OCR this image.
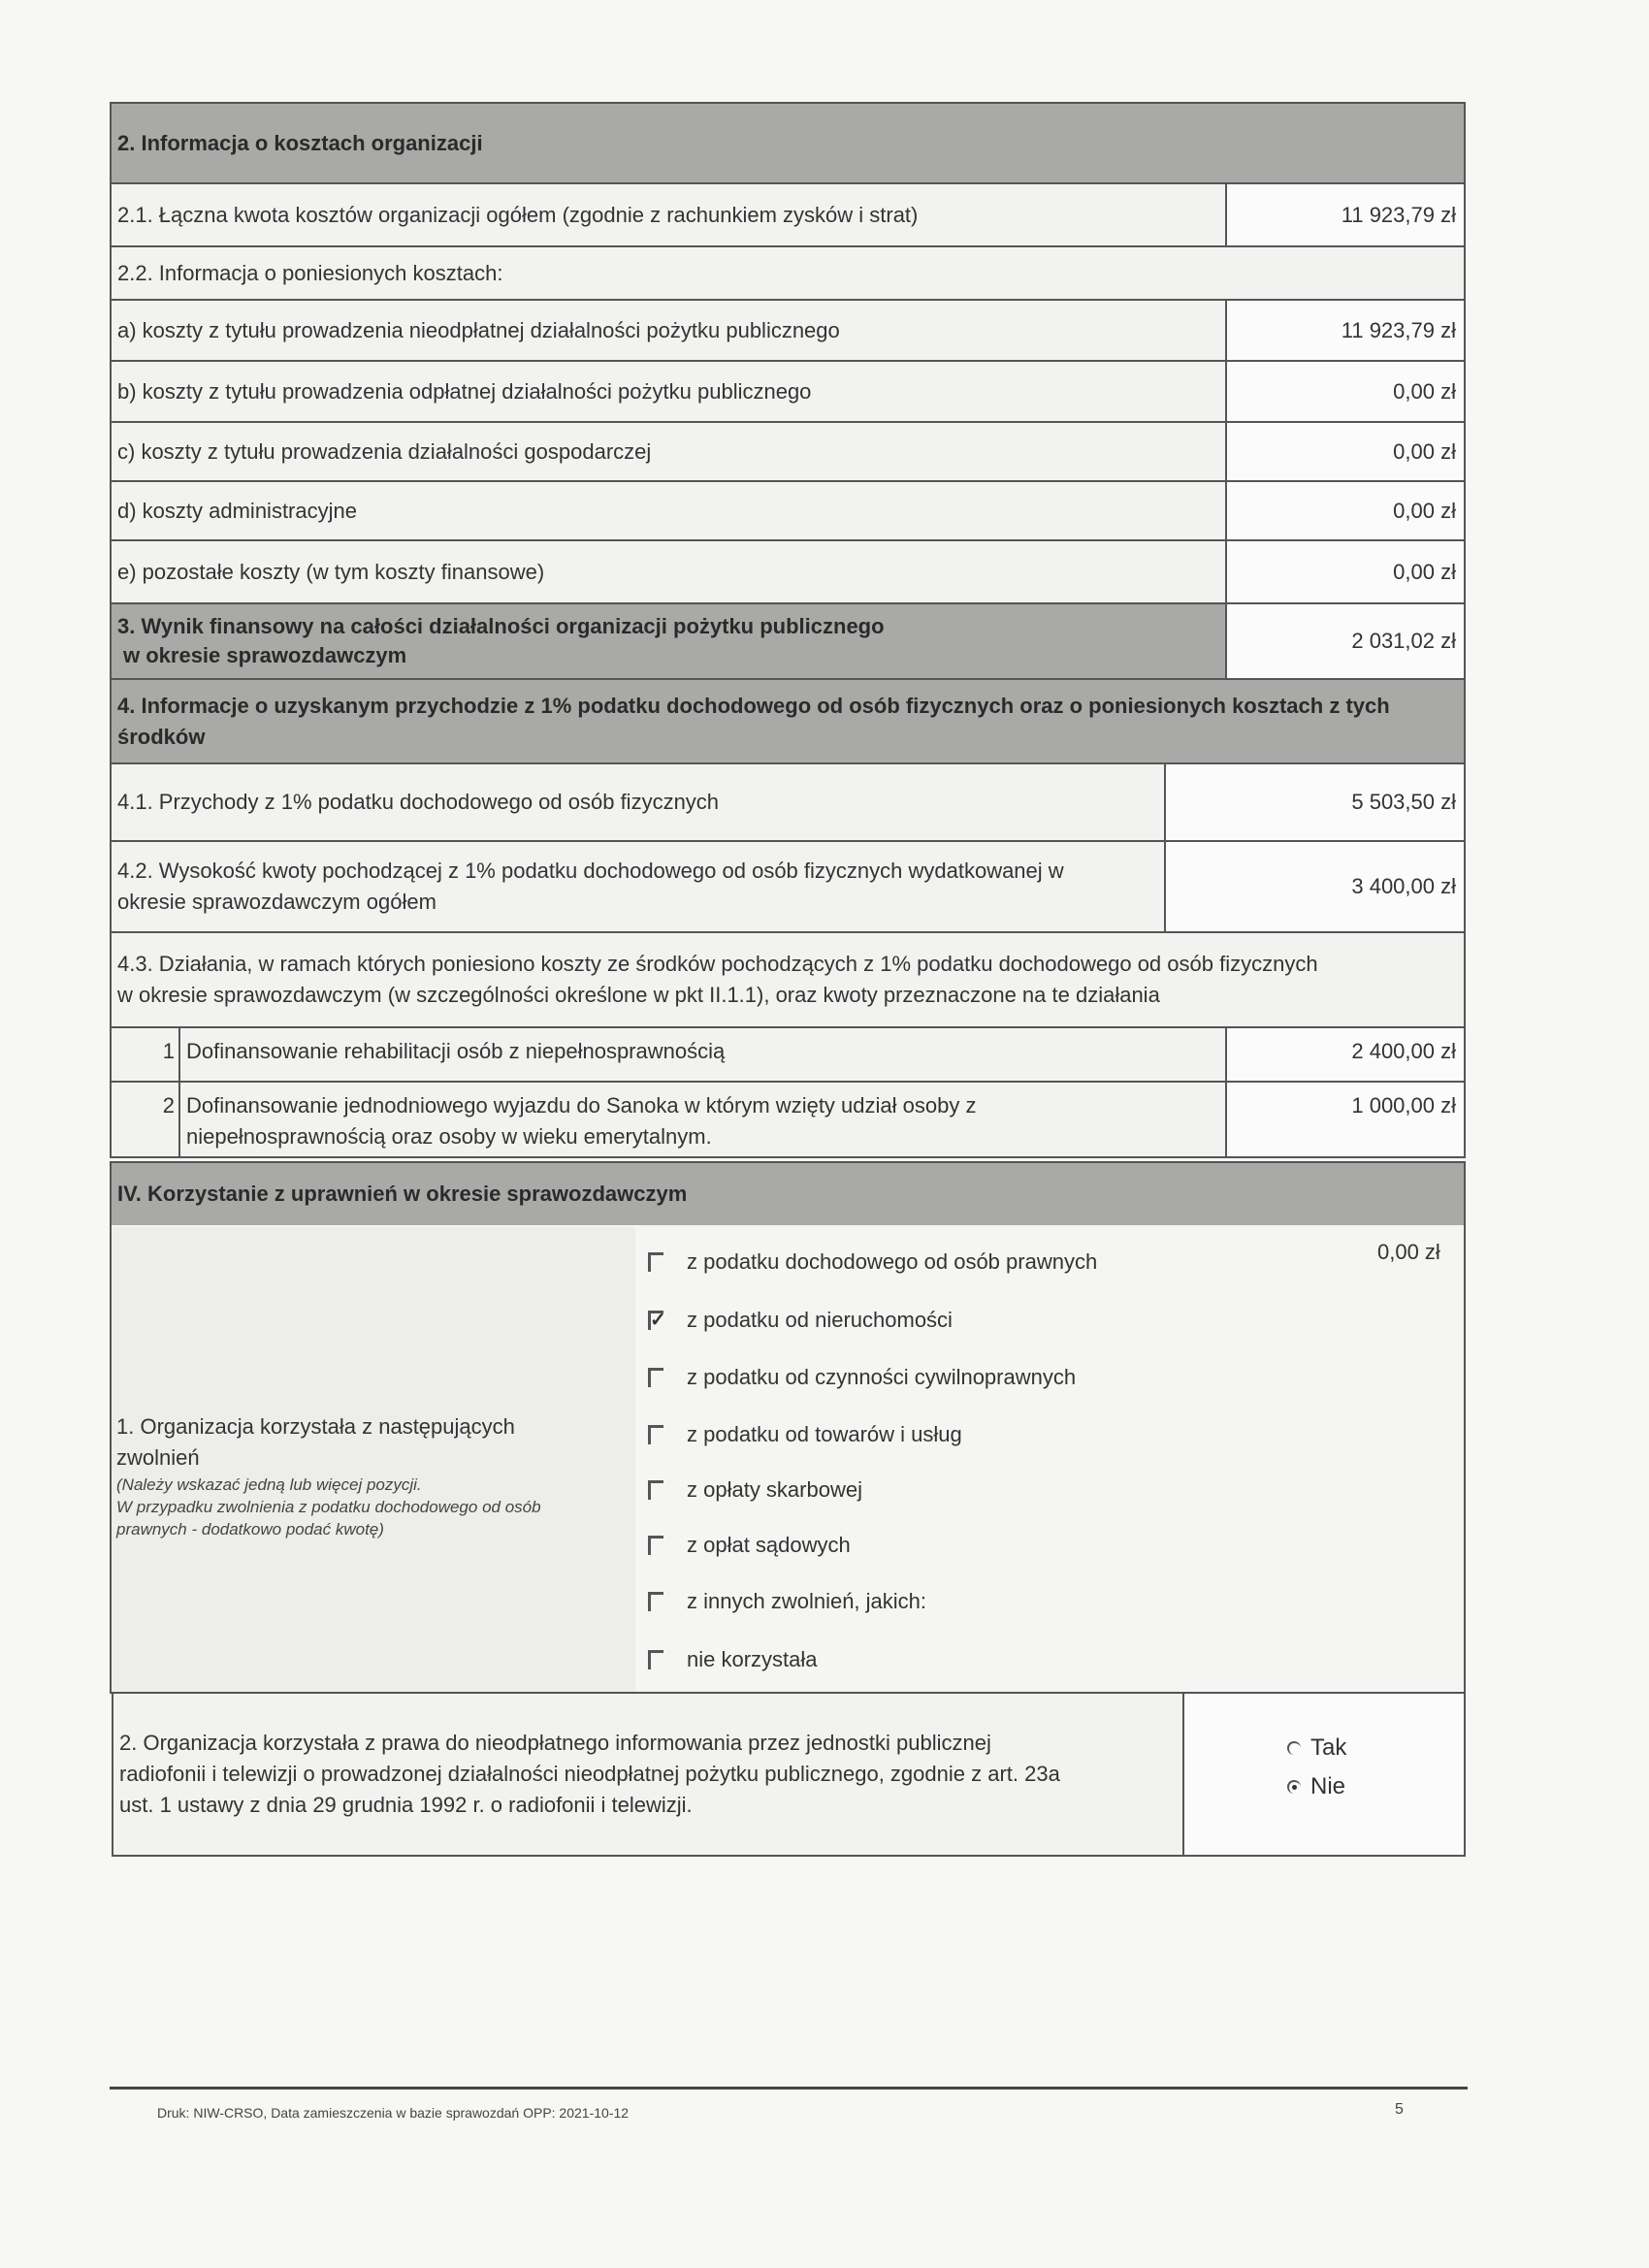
2. Informacja o kosztach organizacji
2.1. Łączna kwota kosztów organizacji ogółem (zgodnie z rachunkiem zysków i strat)	11 923,79 zł
2.2. Informacja o poniesionych kosztach:
a) koszty z tytułu prowadzenia nieodpłatnej działalności pożytku publicznego	11 923,79 zł
b) koszty z tytułu prowadzenia odpłatnej działalności pożytku publicznego	0,00 zł
c) koszty z tytułu prowadzenia działalności gospodarczej	0,00 zł
d) koszty administracyjne	0,00 zł
e) pozostałe koszty (w tym koszty finansowe)	0,00 zł
3. Wynik finansowy na całości działalności organizacji pożytku publicznego
w okresie sprawozdawczym
2 031,02 zł
4. Informacje o uzyskanym przychodzie z 1% podatku dochodowego od osób fizycznych oraz o poniesionych kosztach z tych
środków
4.1. Przychody z 1% podatku dochodowego od osób fizycznych	5 503,50 zł
4.2. Wysokość kwoty pochodzącej z 1% podatku dochodowego od osób fizycznych wydatkowanej w
okresie sprawozdawczym ogółem
3 400,00 zł
4.3. Działania, w ramach których poniesiono koszty ze środków pochodzących z 1% podatku dochodowego od osób fizycznych
w okresie sprawozdawczym (w szczególności określone w pkt II.1.1), oraz kwoty przeznaczone na te działania
1 Dofinansowanie rehabilitacji osób z niepełnosprawnością	2 400,00 zł
2 Dofinansowanie jednodniowego wyjazdu do Sanoka w którym wzięty udział osoby z
niepełnosprawnością oraz osoby w wieku emerytalnym.
1 000,00 zł
IV. Korzystanie z uprawnień w okresie sprawozdawczym
1. Organizacja korzystała z następujących
zwolnień
(Należy wskazać jedną lub więcej pozycji.
W przypadku zwolnienia z podatku dochodowego od osób
prawnych - dodatkowo podać kwotę)
z podatku dochodowego od osób prawnych	0,00 zł
✓
z podatku od nieruchomości
z podatku od czynności cywilnoprawnych
z podatku od towarów i usług
z opłaty skarbowej
z opłat sądowych
z innych zwolnień, jakich:
nie korzystała
2. Organizacja korzystała z prawa do nieodpłatnego informowania przez jednostki publicznej
radiofonii i telewizji o prowadzonej działalności nieodpłatnej pożytku publicznego, zgodnie z art. 23a
ust. 1 ustawy z dnia 29 grudnia 1992 r. o radiofonii i telewizji.
Tak
Nie
Druk: NIW-CRSO, Data zamieszczenia w bazie sprawozdań OPP: 2021-10-12	5
